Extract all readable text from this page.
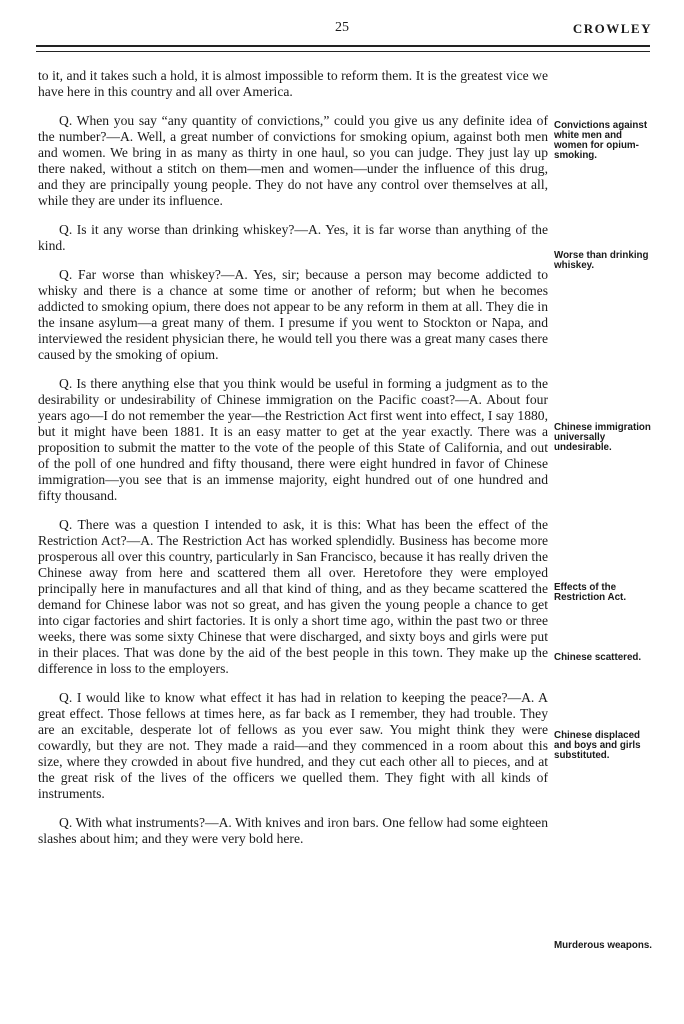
25	CROWLEY

to it, and it takes such a hold, it is almost impossible to reform them. It is the greatest vice we have here in this country and all over America.

Q. When you say “any quantity of convictions,” could you give us any definite idea of the number?—A. Well, a great number of convictions for smoking opium, against both men and women. We bring in as many as thirty in one haul, so you can judge. They just lay up there naked, without a stitch on them—men and women—under the influence of this drug, and they are principally young people. They do not have any control over themselves at all, while they are under its influence.

Q. Is it any worse than drinking whiskey?—A. Yes, it is far worse than anything of the kind.

Q. Far worse than whiskey?—A. Yes, sir; because a person may become addicted to whisky and there is a chance at some time or another of reform; but when he becomes addicted to smoking opium, there does not appear to be any reform in them at all. They die in the insane asylum—a great many of them. I presume if you went to Stockton or Napa, and interviewed the resident physician there, he would tell you there was a great many cases there caused by the smoking of opium.

Q. Is there anything else that you think would be useful in forming a judgment as to the desirability or undesirability of Chinese immigration on the Pacific coast?—A. About four years ago—I do not remember the year—the Restriction Act first went into effect, I say 1880, but it might have been 1881. It is an easy matter to get at the year exactly. There was a proposition to submit the matter to the vote of the people of this State of California, and out of the poll of one hundred and fifty thousand, there were eight hundred in favor of Chinese immigration—you see that is an immense majority, eight hundred out of one hundred and fifty thousand.

Q. There was a question I intended to ask, it is this: What has been the effect of the Restriction Act?—A. The Restriction Act has worked splendidly. Business has become more prosperous all over this country, particularly in San Francisco, because it has really driven the Chinese away from here and scattered them all over. Heretofore they were employed principally here in manufactures and all that kind of thing, and as they became scattered the demand for Chinese labor was not so great, and has given the young people a chance to get into cigar factories and shirt factories. It is only a short time ago, within the past two or three weeks, there was some sixty Chinese that were discharged, and sixty boys and girls were put in their places. That was done by the aid of the best people in this town. They make up the difference in loss to the employers.

Q. I would like to know what effect it has had in relation to keeping the peace?—A. A great effect. Those fellows at times here, as far back as I remember, they had trouble. They are an excitable, desperate lot of fellows as you ever saw. You might think they were cowardly, but they are not. They made a raid—and they commenced in a room about this size, where they crowded in about five hundred, and they cut each other all to pieces, and at the great risk of the lives of the officers we quelled them. They fight with all kinds of instruments.

Q. With what instruments?—A. With knives and iron bars. One fellow had some eighteen slashes about him; and they were very bold here.

Convictions against white men and women for opium-smoking.
Worse than drinking whiskey.
Chinese immigration universally undesirable.
Effects of the Restriction Act.
Chinese scattered.
Chinese displaced and boys and girls substituted.
Murderous weapons.
